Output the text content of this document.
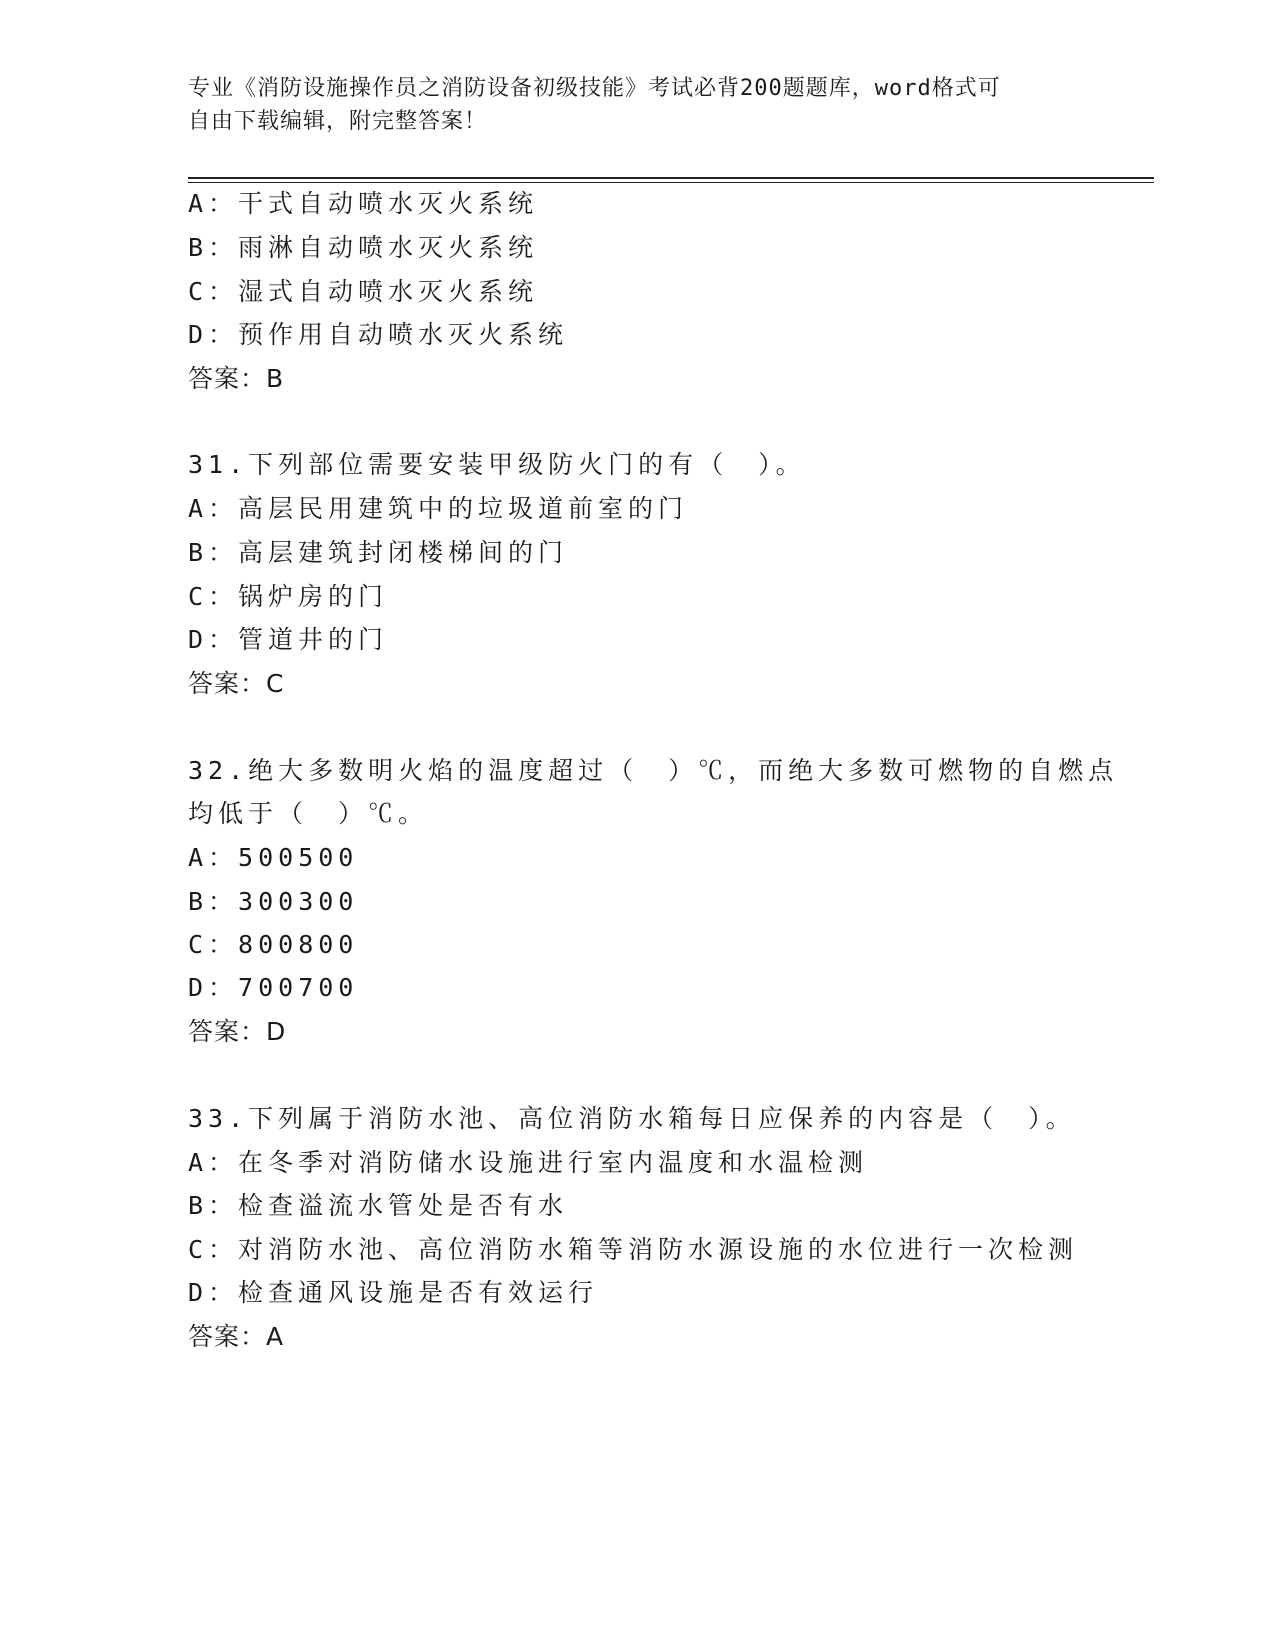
专业《消防设施操作员之消防设备初级技能》考试必背200题题库，word格式可
自由下载编辑，附完整答案！
A：干式自动喷水灭火系统
B：雨淋自动喷水灭火系统
C：湿式自动喷水灭火系统
D：预作用自动喷水灭火系统
答案：B
31.下列部位需要安装甲级防火门的有（　）。
A：高层民用建筑中的垃圾道前室的门
B：高层建筑封闭楼梯间的门
C：锅炉房的门
D：管道井的门
答案：C
32.绝大多数明火焰的温度超过（　）℃，而绝大多数可燃物的自燃点
均低于（　）℃。
A：500500
B：300300
C：800800
D：700700
答案：D
33.下列属于消防水池、高位消防水箱每日应保养的内容是（　）。
A：在冬季对消防储水设施进行室内温度和水温检测
B：检查溢流水管处是否有水
C：对消防水池、高位消防水箱等消防水源设施的水位进行一次检测
D：检查通风设施是否有效运行
答案：A
